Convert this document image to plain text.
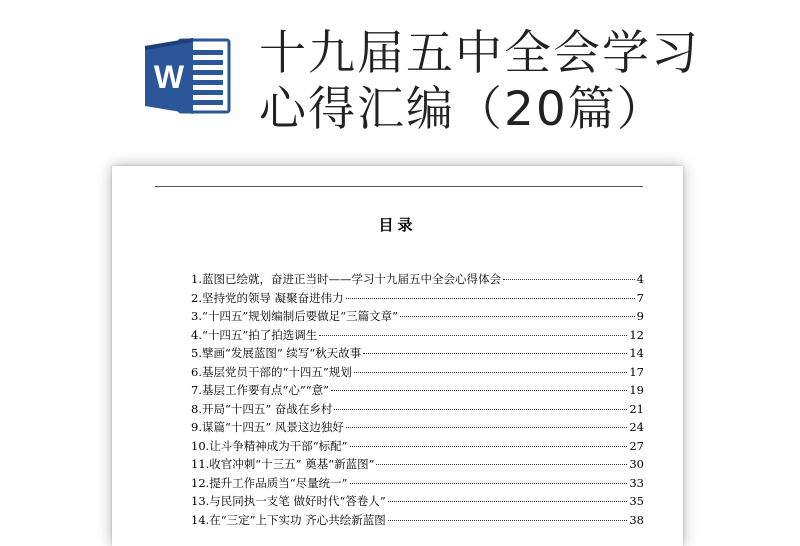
W 十九届五中全会学习
心得汇编（20篇）
目录
1.蓝图已绘就，奋进正当时——学习十九届五中全会心得体会	4
2.坚持党的领导 凝聚奋进伟力	7
3.“十四五”规划编制后要做足“三篇文章”	9
4.“十四五”拍了拍选调生	12
5.擘画“发展蓝图” 续写“秋天故事	14
6.基层党员干部的“十四五”规划	17
7.基层工作要有点“心”“意”	19
8.开局“十四五” 奋战在乡村	21
9.谋篇“十四五” 风景这边独好	24
10.让斗争精神成为干部“标配”	27
11.收官冲刺“十三五” 奠基“新蓝图”	30
12.提升工作品质当“尽量统一”	33
13.与民同执一支笔 做好时代“答卷人”	35
14.在“三定”上下实功 齐心共绘新蓝图	38
